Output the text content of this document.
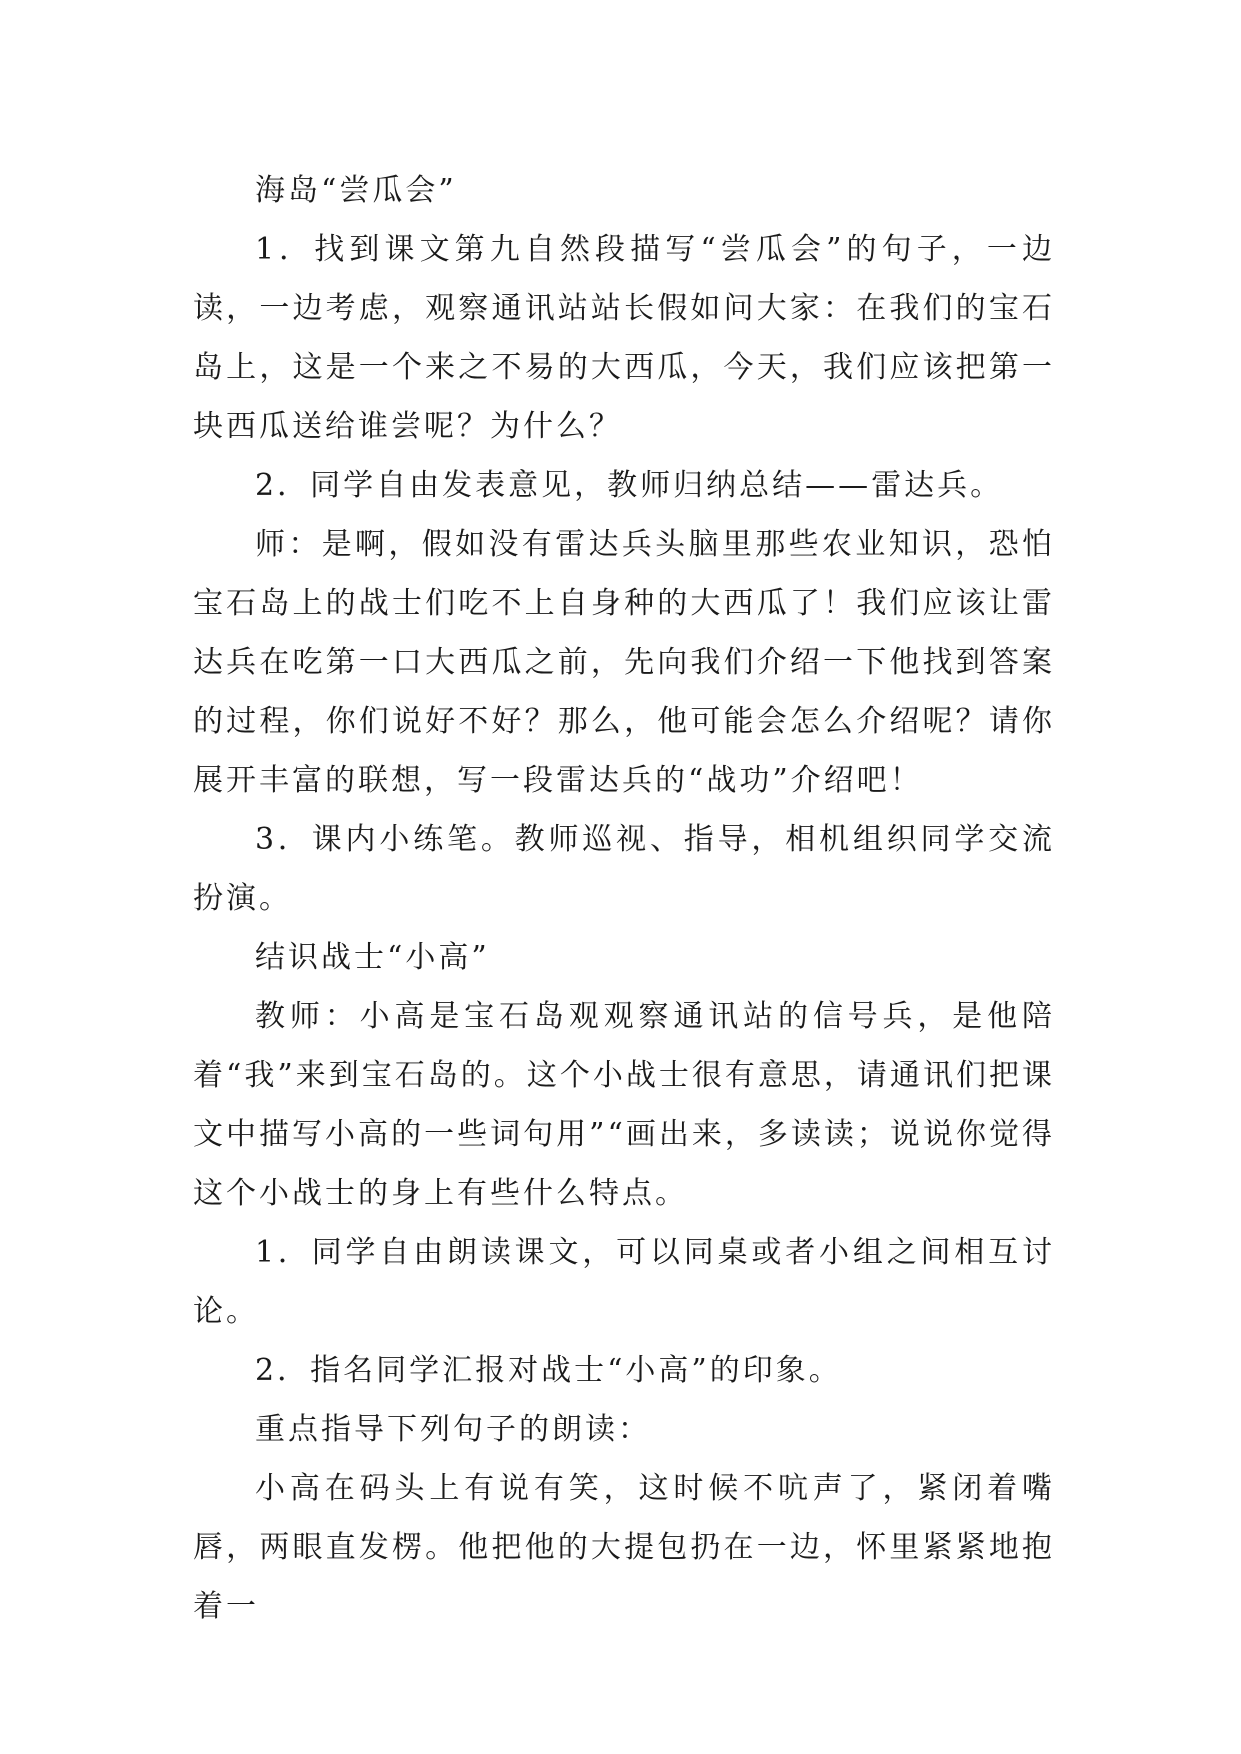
海岛“尝瓜会”

1．找到课文第九自然段描写“尝瓜会”的句子，一边读，一边考虑，观察通讯站站长假如问大家：在我们的宝石岛上，这是一个来之不易的大西瓜，今天，我们应该把第一块西瓜送给谁尝呢？为什么？

2．同学自由发表意见，教师归纳总结——雷达兵。

师：是啊，假如没有雷达兵头脑里那些农业知识，恐怕宝石岛上的战士们吃不上自身种的大西瓜了！我们应该让雷达兵在吃第一口大西瓜之前，先向我们介绍一下他找到答案的过程，你们说好不好？那么，他可能会怎么介绍呢？请你展开丰富的联想，写一段雷达兵的“战功”介绍吧！

3．课内小练笔。教师巡视、指导，相机组织同学交流扮演。

结识战士“小高”

教师：小高是宝石岛观观察通讯站的信号兵，是他陪着“我”来到宝石岛的。这个小战士很有意思，请通讯们把课文中描写小高的一些词句用”“画出来，多读读；说说你觉得这个小战士的身上有些什么特点。

1．同学自由朗读课文，可以同桌或者小组之间相互讨论。

2．指名同学汇报对战士“小高”的印象。

重点指导下列句子的朗读：

小高在码头上有说有笑，这时候不吭声了，紧闭着嘴唇，两眼直发楞。他把他的大提包扔在一边，怀里紧紧地抱着一
